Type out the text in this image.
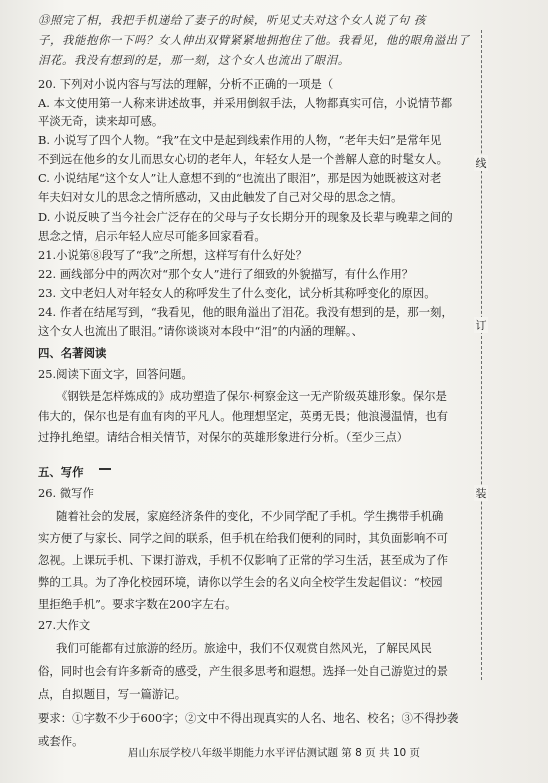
⑬照完了相，我把手机递给了妻子的时候，听见丈夫对这个女人说了句 孩
子，我能抱你一下吗？女人伸出双臂紧紧地拥抱住了他。我看见，他的眼角溢出了
泪花。我没有想到的是，那一刻，这个女人也流出了眼泪。
20. 下列对小说内容与写法的理解，分析不正确的一项是（
A. 本文使用第一人称来讲述故事，并采用倒叙手法，人物都真实可信，小说情节都
平淡无奇，读来却可感。
B. 小说写了四个人物。“我”在文中是起到线索作用的人物，“老年夫妇”是常年见
不到远在他乡的女儿而思女心切的老年人，年轻女人是一个善解人意的时髦女人。
C. 小说结尾“这个女人”让人意想不到的“也流出了眼泪”，那是因为她既被这对老
年夫妇对女儿的思念之情所感动，又由此触发了自己对父母的思念之情。
D. 小说反映了当今社会广泛存在的父母与子女长期分开的现象及长辈与晚辈之间的
思念之情，启示年轻人应尽可能多回家看看。
21.小说第⑧段写了“我”之所想，这样写有什么好处？
22. 画线部分中的两次对“那个女人”进行了细致的外貌描写，有什么作用？
23. 文中老妇人对年轻女人的称呼发生了什么变化，试分析其称呼变化的原因。
24. 作者在结尾写到，“我看见，他的眼角溢出了泪花。我没有想到的是，那一刻，
这个女人也流出了眼泪。”请你谈谈对本段中“泪”的内涵的理解。、
四、名著阅读
25.阅读下面文字，回答问题。
《钢铁是怎样炼成的》成功塑造了保尔·柯察金这一无产阶级英雄形象。保尔是
伟大的，保尔也是有血有肉的平凡人。他理想坚定，英勇无畏；他浪漫温情，也有
过挣扎绝望。请结合相关情节，对保尔的英雄形象进行分析。（至少三点）
五、写作
26. 微写作
随着社会的发展，家庭经济条件的变化，不少同学配了手机。学生携带手机确
实方便了与家长、同学之间的联系，但手机在给我们便利的同时，其负面影响不可
忽视。上课玩手机、下课打游戏，手机不仅影响了正常的学习生活，甚至成为了作
弊的工具。为了净化校园环境，请你以学生会的名义向全校学生发起倡议：“校园
里拒绝手机”。要求字数在200字左右。
27.大作文
我们可能都有过旅游的经历。旅途中，我们不仅观赏自然风光，了解民风民
俗，同时也会有许多新奇的感受，产生很多思考和遐想。选择一处自己游览过的景
点，自拟题目，写一篇游记。
要求：①字数不少于600字；②文中不得出现真实的人名、地名、校名；③不得抄袭
或套作。
线
订
装
眉山东辰学校八年级半期能力水平评估测试题 第 8 页 共 10 页
